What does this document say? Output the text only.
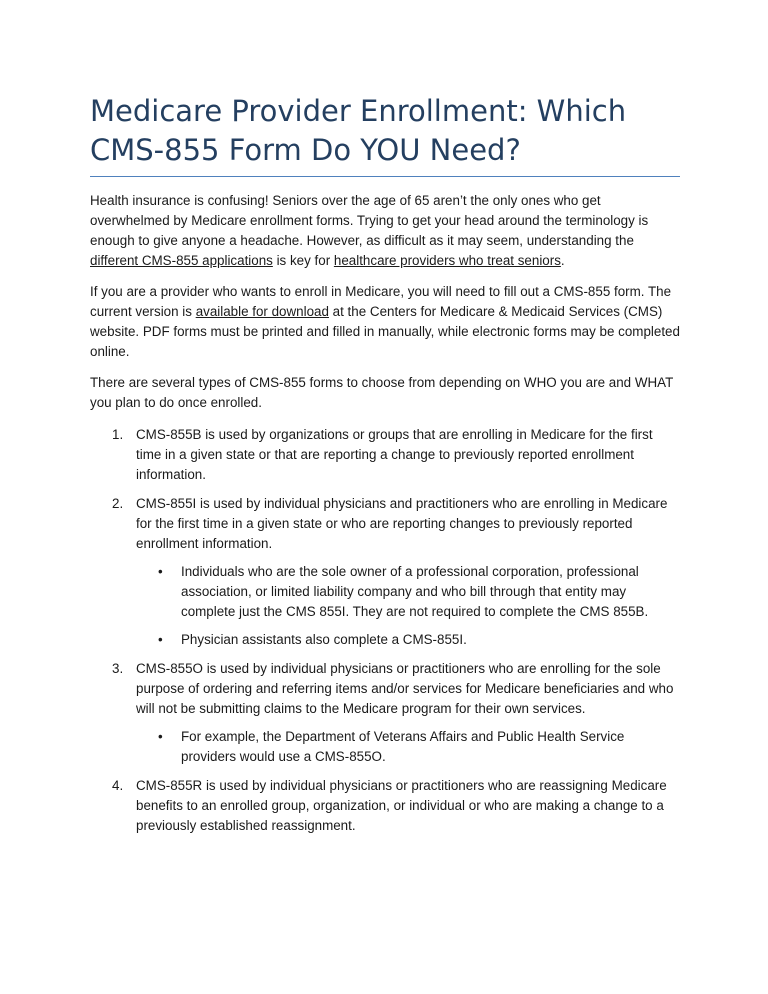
Medicare Provider Enrollment: Which
CMS-855 Form Do YOU Need?

Health insurance is confusing! Seniors over the age of 65 aren’t the only ones who get overwhelmed by Medicare enrollment forms. Trying to get your head around the terminology is enough to give anyone a headache. However, as difficult as it may seem, understanding the different CMS-855 applications is key for healthcare providers who treat seniors.

If you are a provider who wants to enroll in Medicare, you will need to fill out a CMS-855 form. The current version is available for download at the Centers for Medicare & Medicaid Services (CMS) website. PDF forms must be printed and filled in manually, while electronic forms may be completed online.

There are several types of CMS-855 forms to choose from depending on WHO you are and WHAT you plan to do once enrolled.

1. CMS-855B is used by organizations or groups that are enrolling in Medicare for the first time in a given state or that are reporting a change to previously reported enrollment information.
2. CMS-855I is used by individual physicians and practitioners who are enrolling in Medicare for the first time in a given state or who are reporting changes to previously reported enrollment information.
• Individuals who are the sole owner of a professional corporation, professional association, or limited liability company and who bill through that entity may complete just the CMS 855I. They are not required to complete the CMS 855B.
• Physician assistants also complete a CMS-855I.
3. CMS-855O is used by individual physicians or practitioners who are enrolling for the sole purpose of ordering and referring items and/or services for Medicare beneficiaries and who will not be submitting claims to the Medicare program for their own services.
• For example, the Department of Veterans Affairs and Public Health Service providers would use a CMS-855O.
4. CMS-855R is used by individual physicians or practitioners who are reassigning Medicare benefits to an enrolled group, organization, or individual or who are making a change to a previously established reassignment.
